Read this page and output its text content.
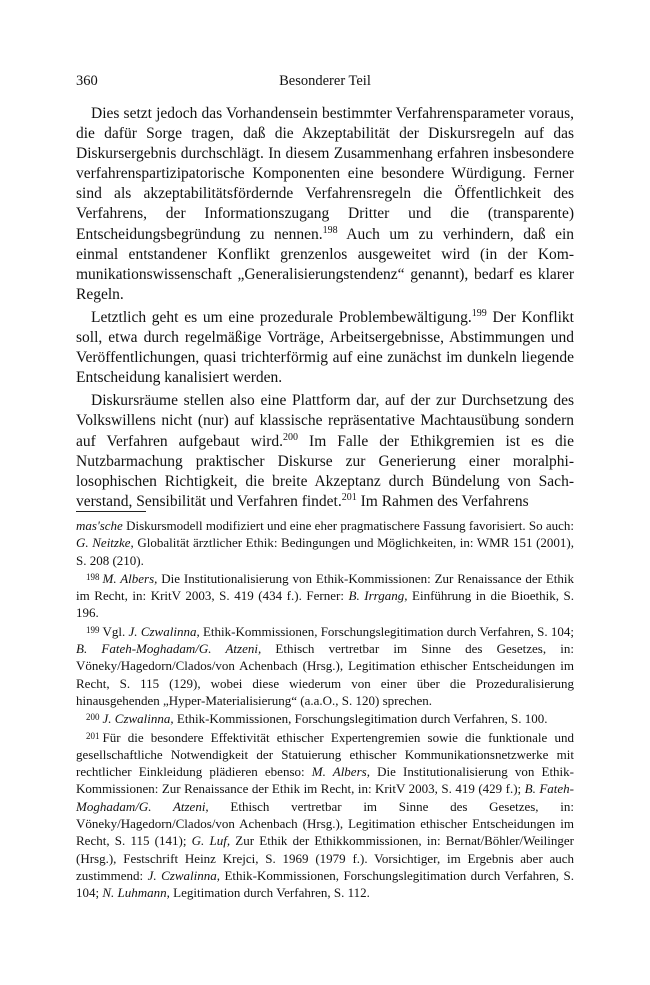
360	Besonderer Teil

Dies setzt jedoch das Vorhandensein bestimmter Verfahrensparameter voraus, die dafür Sorge tragen, daß die Akzeptabilität der Diskursregeln auf das Diskursergebnis durchschlägt. In diesem Zusammenhang erfahren insbesondere verfahrenspartizipatorische Komponenten eine besondere Würdigung. Ferner sind als akzeptabilitätsfördernde Verfahrensregeln die Öffentlichkeit des Verfahrens, der Informationszugang Dritter und die (transparente) Entscheidungsbegründung zu nennen.$^{198}$ Auch um zu verhindern, daß ein einmal entstandener Konflikt grenzenlos ausgeweitet wird (in der Kommunikationswissenschaft „Generalisierungstendenz“ genannt), bedarf es klarer Regeln.

Letztlich geht es um eine prozedurale Problembewältigung.$^{199}$ Der Konflikt soll, etwa durch regelmäßige Vorträge, Arbeitsergebnisse, Abstimmungen und Veröffentlichungen, quasi trichterförmig auf eine zunächst im dunkeln liegende Entscheidung kanalisiert werden.

Diskursräume stellen also eine Plattform dar, auf der zur Durchsetzung des Volkswillens nicht (nur) auf klassische repräsentative Machtausübung sondern auf Verfahren aufgebaut wird.$^{200}$ Im Falle der Ethikgremien ist es die Nutzbarmachung praktischer Diskurse zur Generierung einer moralphilosophischen Richtigkeit, die breite Akzeptanz durch Bündelung von Sachverstand, Sensibilität und Verfahren findet.$^{201}$ Im Rahmen des Verfahrens

mas'sche Diskursmodell modifiziert und eine eher pragmatischere Fassung favorisiert. So auch: G. Neitzke, Globalität ärztlicher Ethik: Bedingungen und Möglichkeiten, in: WMR 151 (2001), S. 208 (210).

$^{198}$ M. Albers, Die Institutionalisierung von Ethik-Kommissionen: Zur Renaissance der Ethik im Recht, in: KritV 2003, S. 419 (434 f.). Ferner: B. Irrgang, Einführung in die Bioethik, S. 196.

$^{199}$ Vgl. J. Czwalinna, Ethik-Kommissionen, Forschungslegitimation durch Verfahren, S. 104; B. Fateh-Moghadam/G. Atzeni, Ethisch vertretbar im Sinne des Gesetzes, in: Vöneky/Hagedorn/Clados/von Achenbach (Hrsg.), Legitimation ethischer Entscheidungen im Recht, S. 115 (129), wobei diese wiederum von einer über die Prozeduralisierung hinausgehenden „Hyper-Materialisierung“ (a.a.O., S. 120) sprechen.

$^{200}$ J. Czwalinna, Ethik-Kommissionen, Forschungslegitimation durch Verfahren, S. 100.

$^{201}$ Für die besondere Effektivität ethischer Expertengremien sowie die funktionale und gesellschaftliche Notwendigkeit der Statuierung ethischer Kommunikationsnetzwerke mit rechtlicher Einkleidung plädieren ebenso: M. Albers, Die Institutionalisierung von Ethik-Kommissionen: Zur Renaissance der Ethik im Recht, in: KritV 2003, S. 419 (429 f.); B. Fateh-Moghadam/G. Atzeni, Ethisch vertretbar im Sinne des Gesetzes, in: Vöneky/Hagedorn/Clados/von Achenbach (Hrsg.), Legitimation ethischer Entscheidungen im Recht, S. 115 (141); G. Luf, Zur Ethik der Ethikkommissionen, in: Bernat/Böhler/Weilinger (Hrsg.), Festschrift Heinz Krejci, S. 1969 (1979 f.). Vorsichtiger, im Ergebnis aber auch zustimmend: J. Czwalinna, Ethik-Kommissionen, Forschungslegitimation durch Verfahren, S. 104; N. Luhmann, Legitimation durch Verfahren, S. 112.
